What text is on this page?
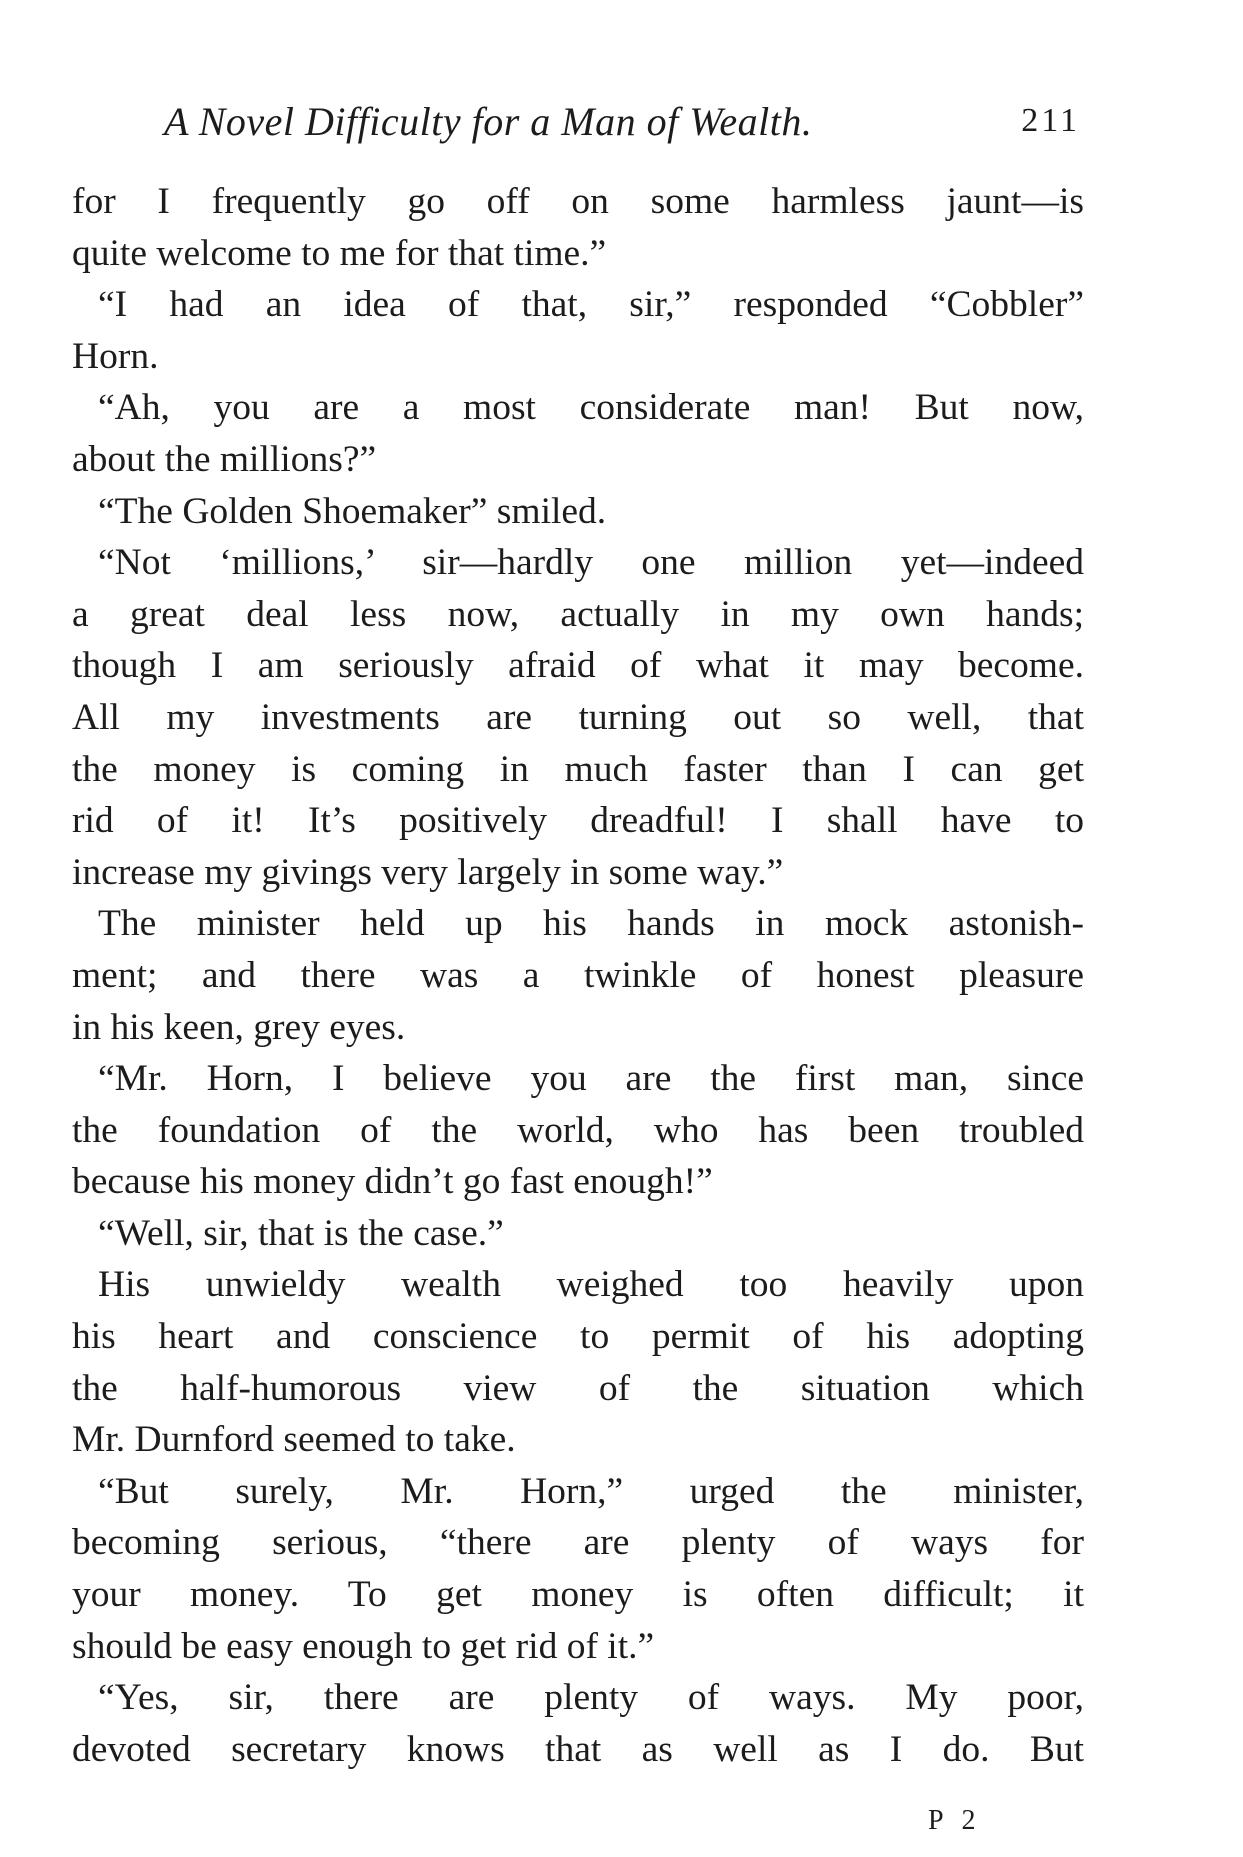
A Novel Difficulty for a Man of Wealth.	211
for I frequently go off on some harmless jaunt—is
quite welcome to me for that time.”
“I had an idea of that, sir,” responded “Cobbler”
Horn.
“Ah, you are a most considerate man! But now,
about the millions?”
“The Golden Shoemaker” smiled.
“Not ‘millions,’ sir—hardly one million yet—indeed
a great deal less now, actually in my own hands;
though I am seriously afraid of what it may become.
All my investments are turning out so well, that
the money is coming in much faster than I can get
rid of it! It’s positively dreadful! I shall have to
increase my givings very largely in some way.”
The minister held up his hands in mock astonish-
ment; and there was a twinkle of honest pleasure
in his keen, grey eyes.
“Mr. Horn, I believe you are the first man, since
the foundation of the world, who has been troubled
because his money didn’t go fast enough!”
“Well, sir, that is the case.”
His unwieldy wealth weighed too heavily upon
his heart and conscience to permit of his adopting
the half-humorous view of the situation which
Mr. Durnford seemed to take.
“But surely, Mr. Horn,” urged the minister,
becoming serious, “there are plenty of ways for
your money. To get money is often difficult; it
should be easy enough to get rid of it.”
“Yes, sir, there are plenty of ways. My poor,
devoted secretary knows that as well as I do. But
P 2
